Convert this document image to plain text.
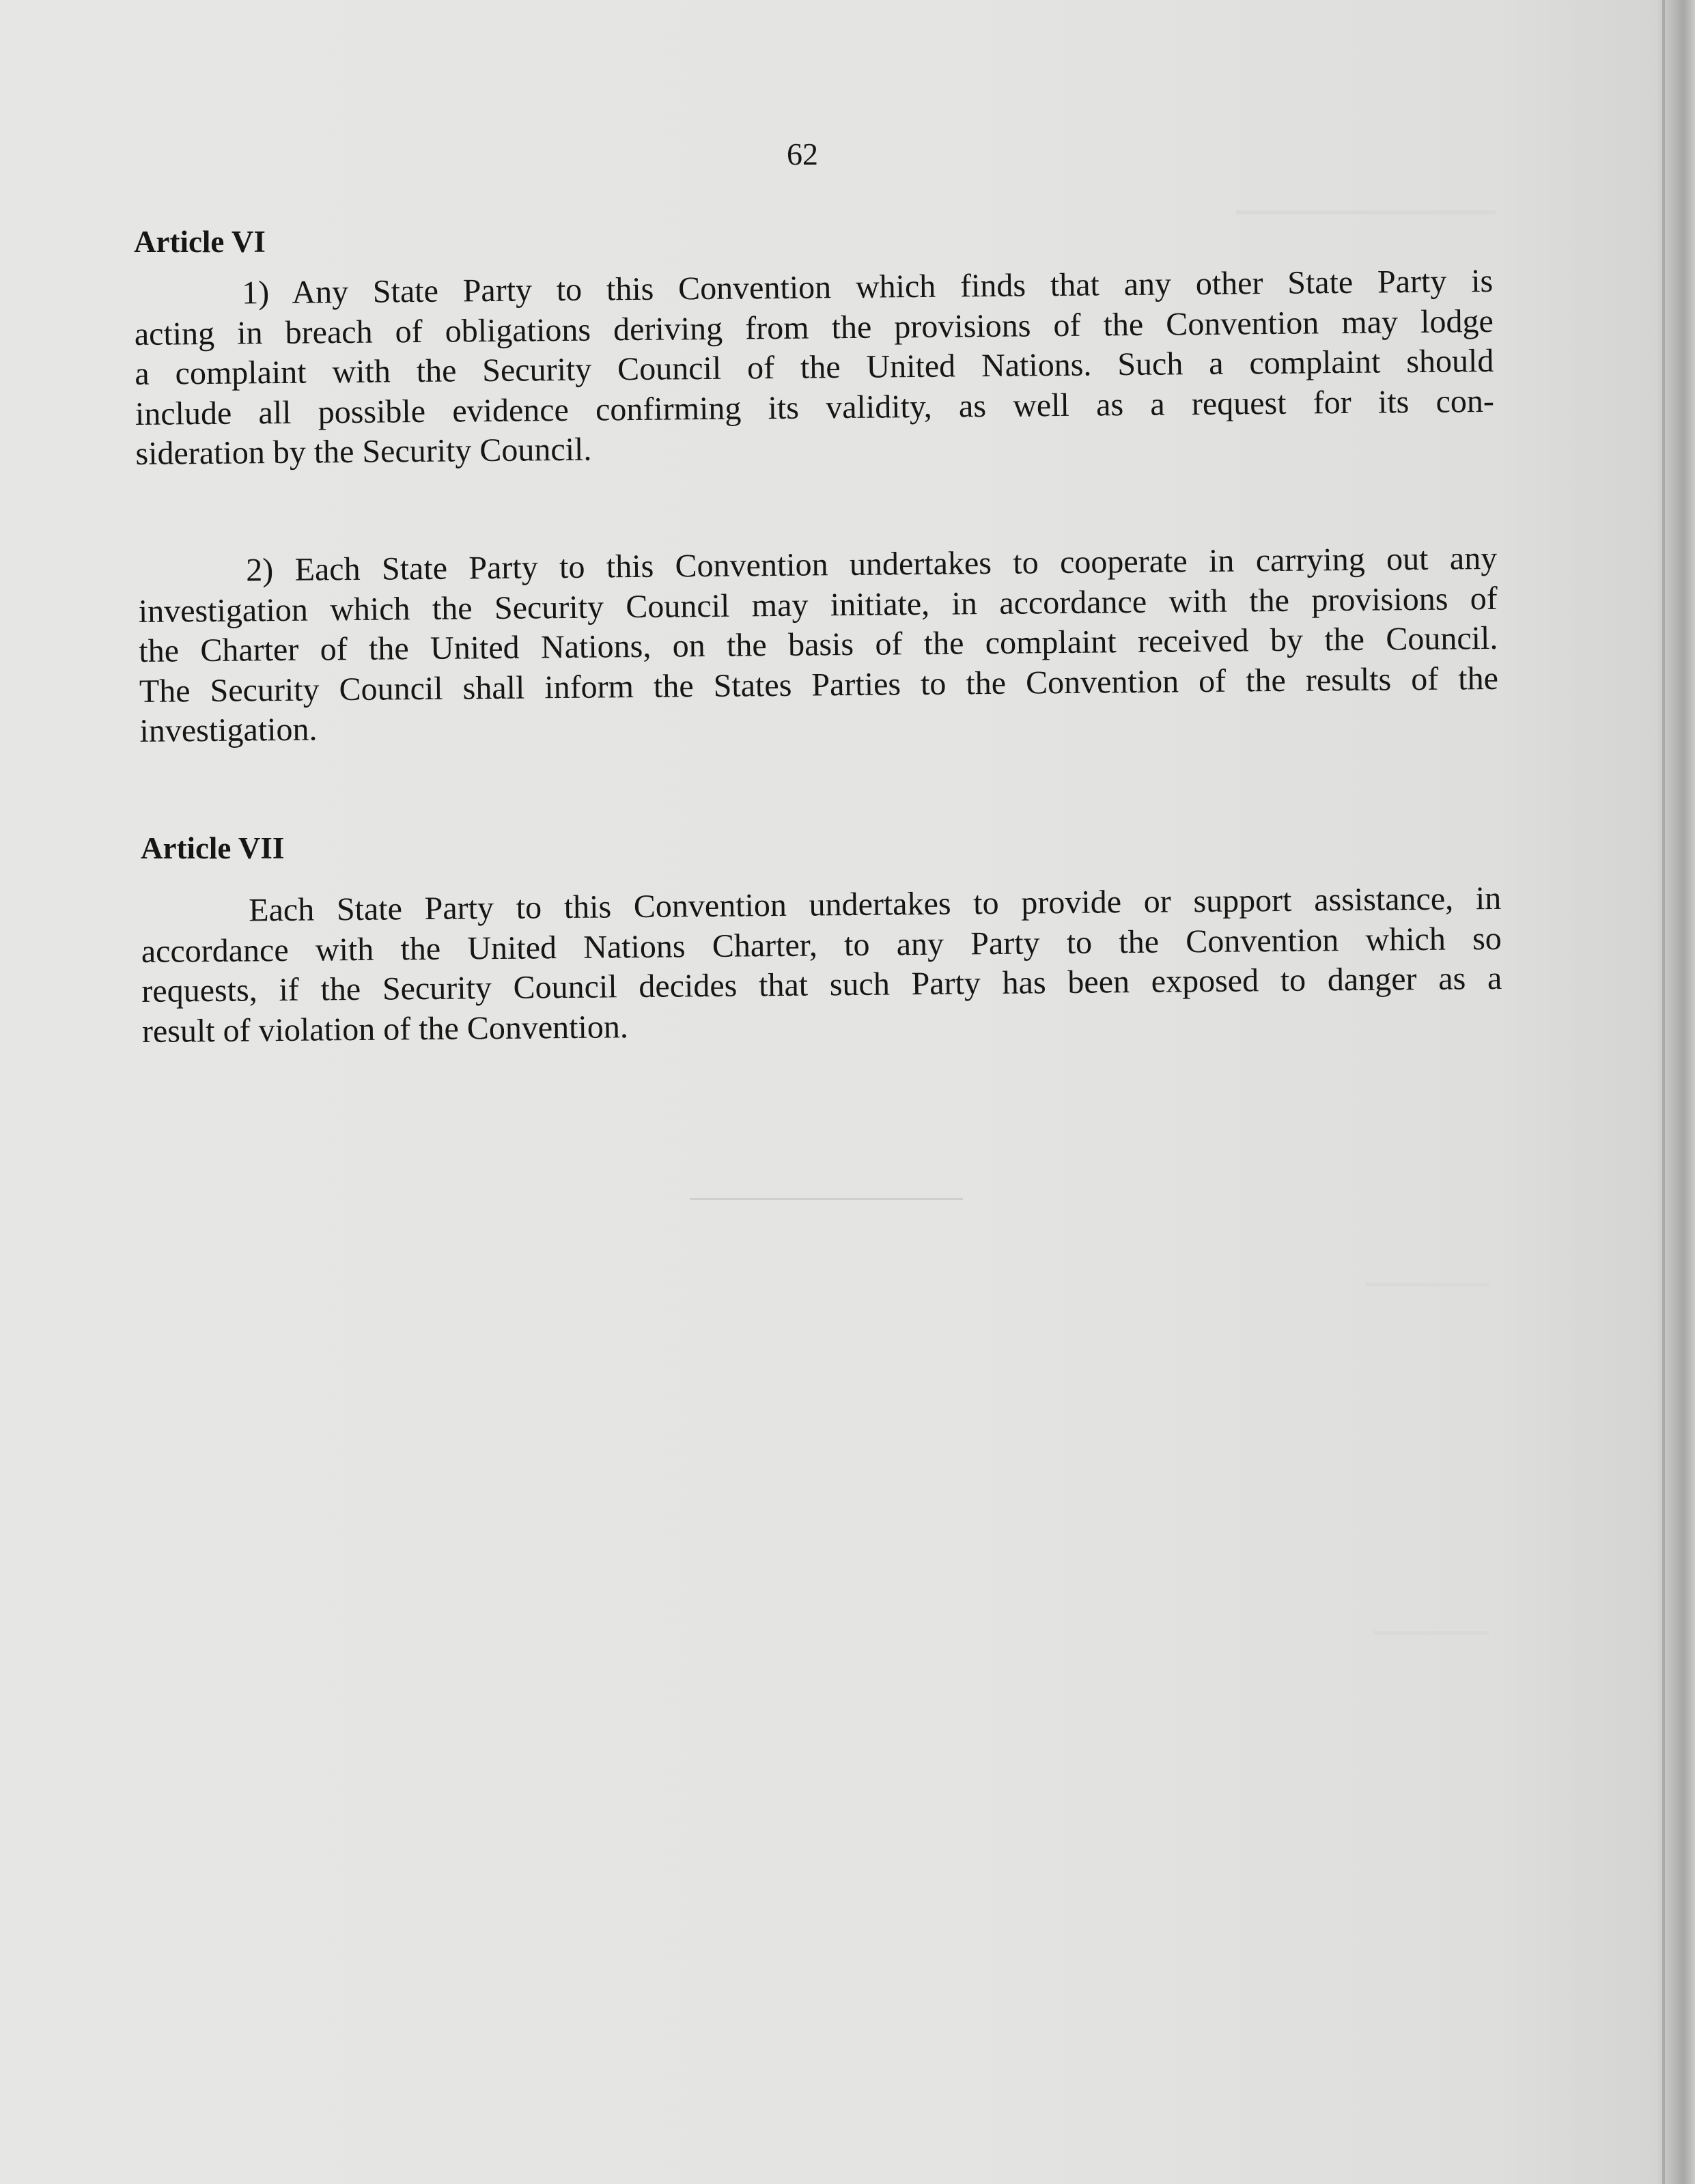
62
Article VI
1) Any State Party to this Convention which finds that any other State Party is
acting in breach of obligations deriving from the provisions of the Convention may lodge
a complaint with the Security Council of the United Nations. Such a complaint should
include all possible evidence confirming its validity, as well as a request for its con-
sideration by the Security Council.
2) Each State Party to this Convention undertakes to cooperate in carrying out any
investigation which the Security Council may initiate, in accordance with the provisions of
the Charter of the United Nations, on the basis of the complaint received by the Council.
The Security Council shall inform the States Parties to the Convention of the results of the
investigation.
Article VII
Each State Party to this Convention undertakes to provide or support assistance, in
accordance with the United Nations Charter, to any Party to the Convention which so
requests, if the Security Council decides that such Party has been exposed to danger as a
result of violation of the Convention.
